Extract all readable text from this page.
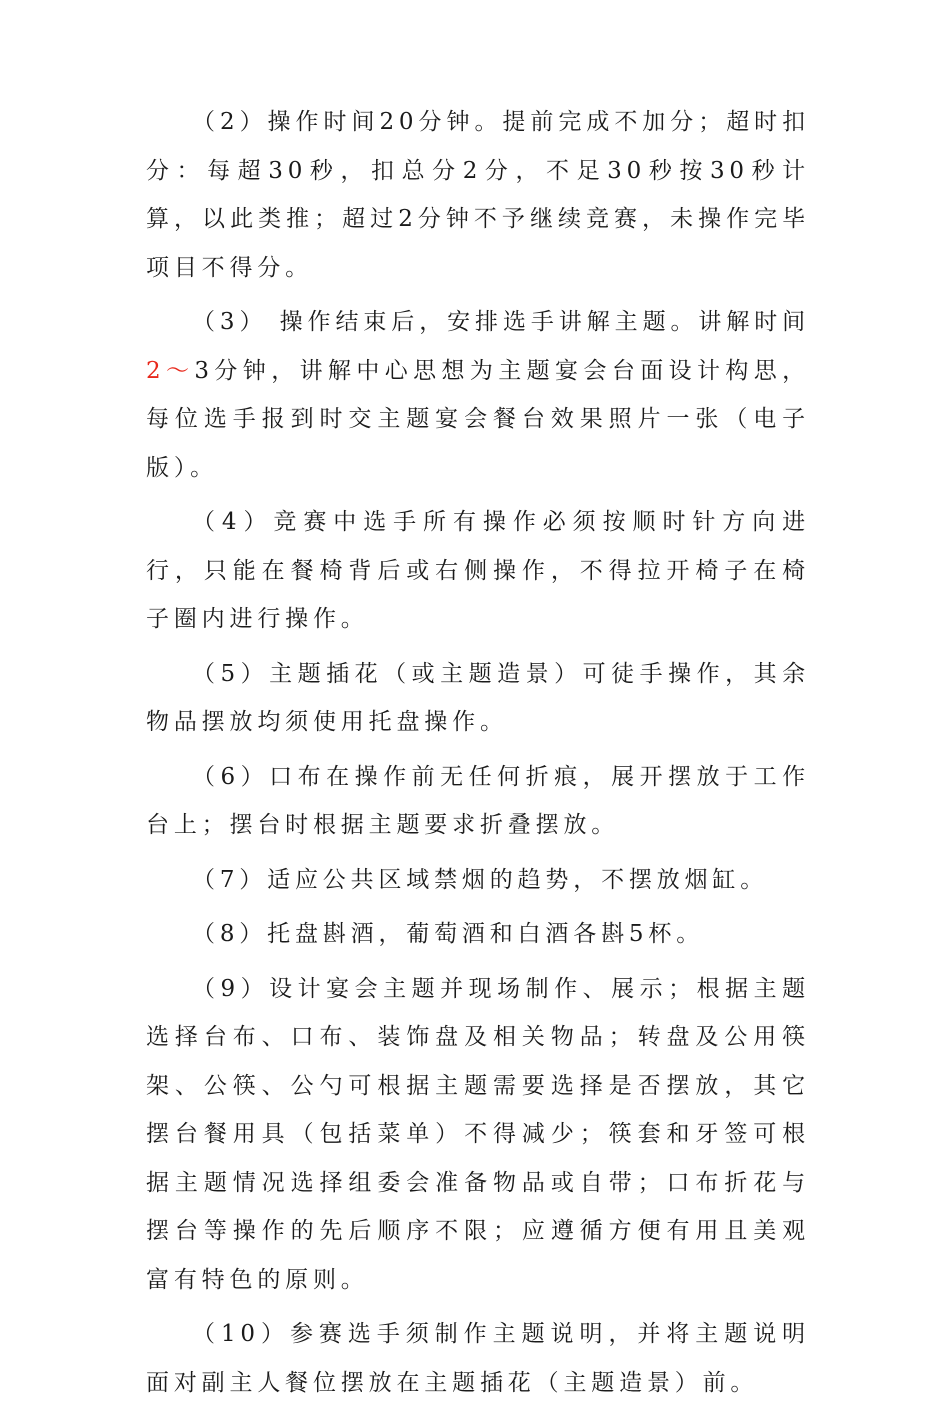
（2）操作时间20分钟。提前完成不加分；超时扣分：每超30秒，扣总分2分，不足30秒按30秒计算，以此类推；超过2分钟不予继续竞赛，未操作完毕项目不得分。

（3） 操作结束后，安排选手讲解主题。讲解时间2～3分钟，讲解中心思想为主题宴会台面设计构思，每位选手报到时交主题宴会餐台效果照片一张（电子版）。

（4）竞赛中选手所有操作必须按顺时针方向进行，只能在餐椅背后或右侧操作，不得拉开椅子在椅子圈内进行操作。

（5）主题插花（或主题造景）可徒手操作，其余物品摆放均须使用托盘操作。

（6）口布在操作前无任何折痕，展开摆放于工作台上；摆台时根据主题要求折叠摆放。

（7）适应公共区域禁烟的趋势，不摆放烟缸。

（8）托盘斟酒，葡萄酒和白酒各斟5杯。

（9）设计宴会主题并现场制作、展示；根据主题选择台布、口布、装饰盘及相关物品；转盘及公用筷架、公筷、公勺可根据主题需要选择是否摆放，其它摆台餐用具（包括菜单）不得减少；筷套和牙签可根据主题情况选择组委会准备物品或自带；口布折花与摆台等操作的先后顺序不限；应遵循方便有用且美观富有特色的原则。

（10）参赛选手须制作主题说明，并将主题说明面对副主人餐位摆放在主题插花（主题造景）前。
